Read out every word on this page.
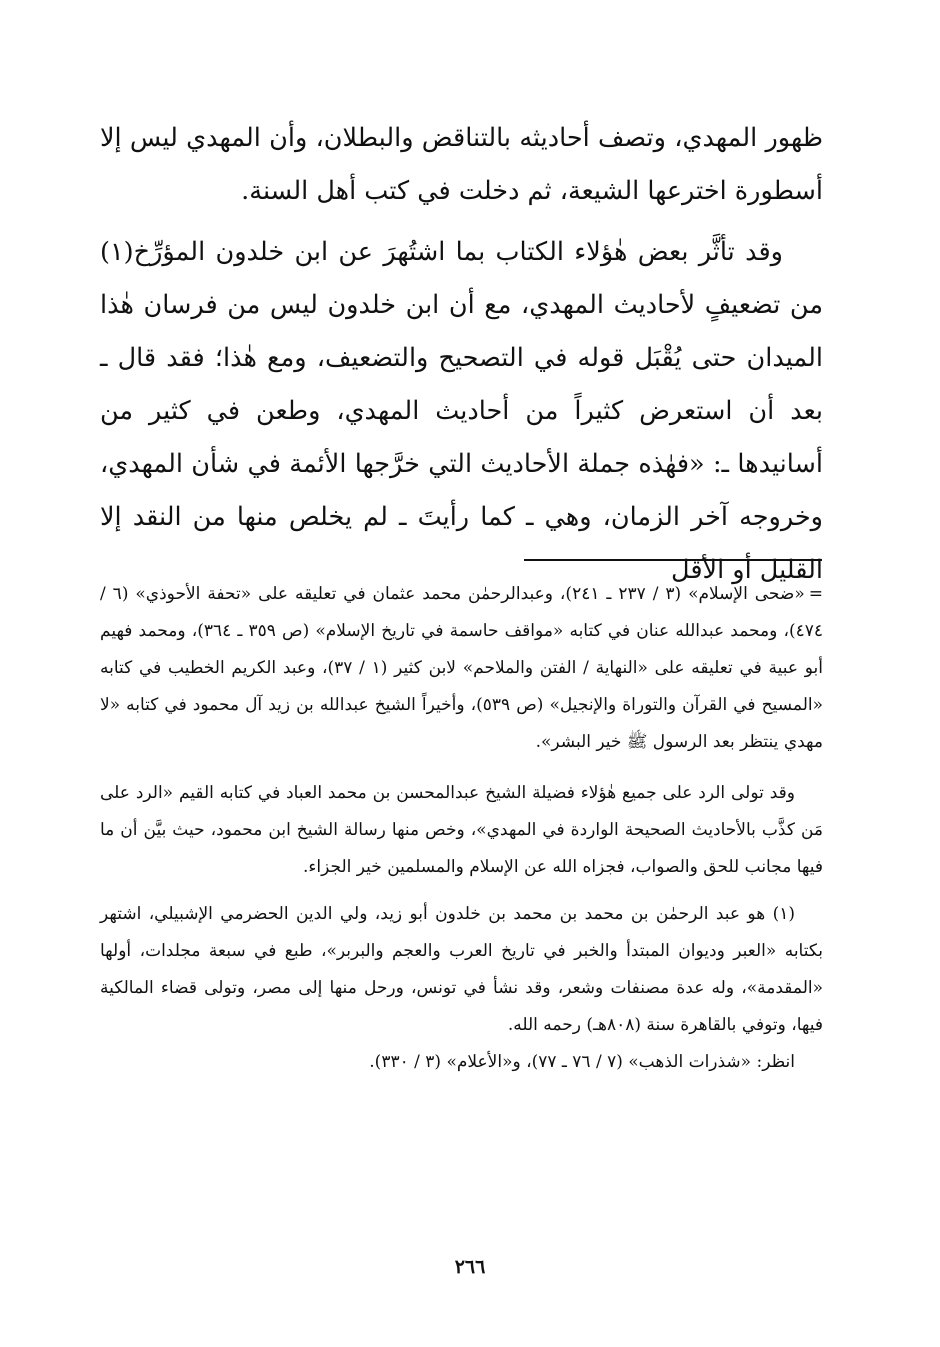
ظهور المهدي، وتصف أحاديثه بالتناقض والبطلان، وأن المهدي ليس إلا أسطورة اخترعها الشيعة، ثم دخلت في كتب أهل السنة.

وقد تأثَّر بعض هٰؤلاء الكتاب بما اشتُهرَ عن ابن خلدون المؤرِّخ(١) من تضعيفٍ لأحاديث المهدي، مع أن ابن خلدون ليس من فرسان هٰذا الميدان حتى يُقْبَل قوله في التصحيح والتضعيف، ومع هٰذا؛ فقد قال ـ بعد أن استعرض كثيراً من أحاديث المهدي، وطعن في كثير من أسانيدها ـ: «فهٰذه جملة الأحاديث التي خرَّجها الأئمة في شأن المهدي، وخروجه آخر الزمان، وهي ـ كما رأيتَ ـ لم يخلص منها من النقد إلا القليل أو الأقل

=«ضحى الإسلام» (٣ / ٢٣٧ ـ ٢٤١)، وعبدالرحمٰن محمد عثمان في تعليقه على «تحفة الأحوذي» (٦ / ٤٧٤)، ومحمد عبدالله عنان في كتابه «مواقف حاسمة في تاريخ الإسلام» (ص ٣٥٩ ـ ٣٦٤)، ومحمد فهيم أبو عبية في تعليقه على «النهاية / الفتن والملاحم» لابن كثير (١ / ٣٧)، وعبد الكريم الخطيب في كتابه «المسيح في القرآن والتوراة والإنجيل» (ص ٥٣٩)، وأخيراً الشيخ عبدالله بن زيد آل محمود في كتابه «لا مهدي ينتظر بعد الرسول ﷺ خير البشر».

وقد تولى الرد على جميع هٰؤلاء فضيلة الشيخ عبدالمحسن بن محمد العباد في كتابه القيم «الرد على مَن كذَّب بالأحاديث الصحيحة الواردة في المهدي»، وخص منها رسالة الشيخ ابن محمود، حيث بيَّن أن ما فيها مجانب للحق والصواب، فجزاه الله عن الإسلام والمسلمين خير الجزاء.

(١) هو عبد الرحمٰن بن محمد بن محمد بن خلدون أبو زيد، ولي الدين الحضرمي الإشبيلي، اشتهر بكتابه «العبر وديوان المبتدأ والخبر في تاريخ العرب والعجم والبربر»، طبع في سبعة مجلدات، أولها «المقدمة»، وله عدة مصنفات وشعر، وقد نشأ في تونس، ورحل منها إلى مصر، وتولى قضاء المالكية فيها، وتوفي بالقاهرة سنة (٨٠٨هـ) رحمه الله.

انظر: «شذرات الذهب» (٧ / ٧٦ ـ ٧٧)، و«الأعلام» (٣ / ٣٣٠).

٢٦٦
